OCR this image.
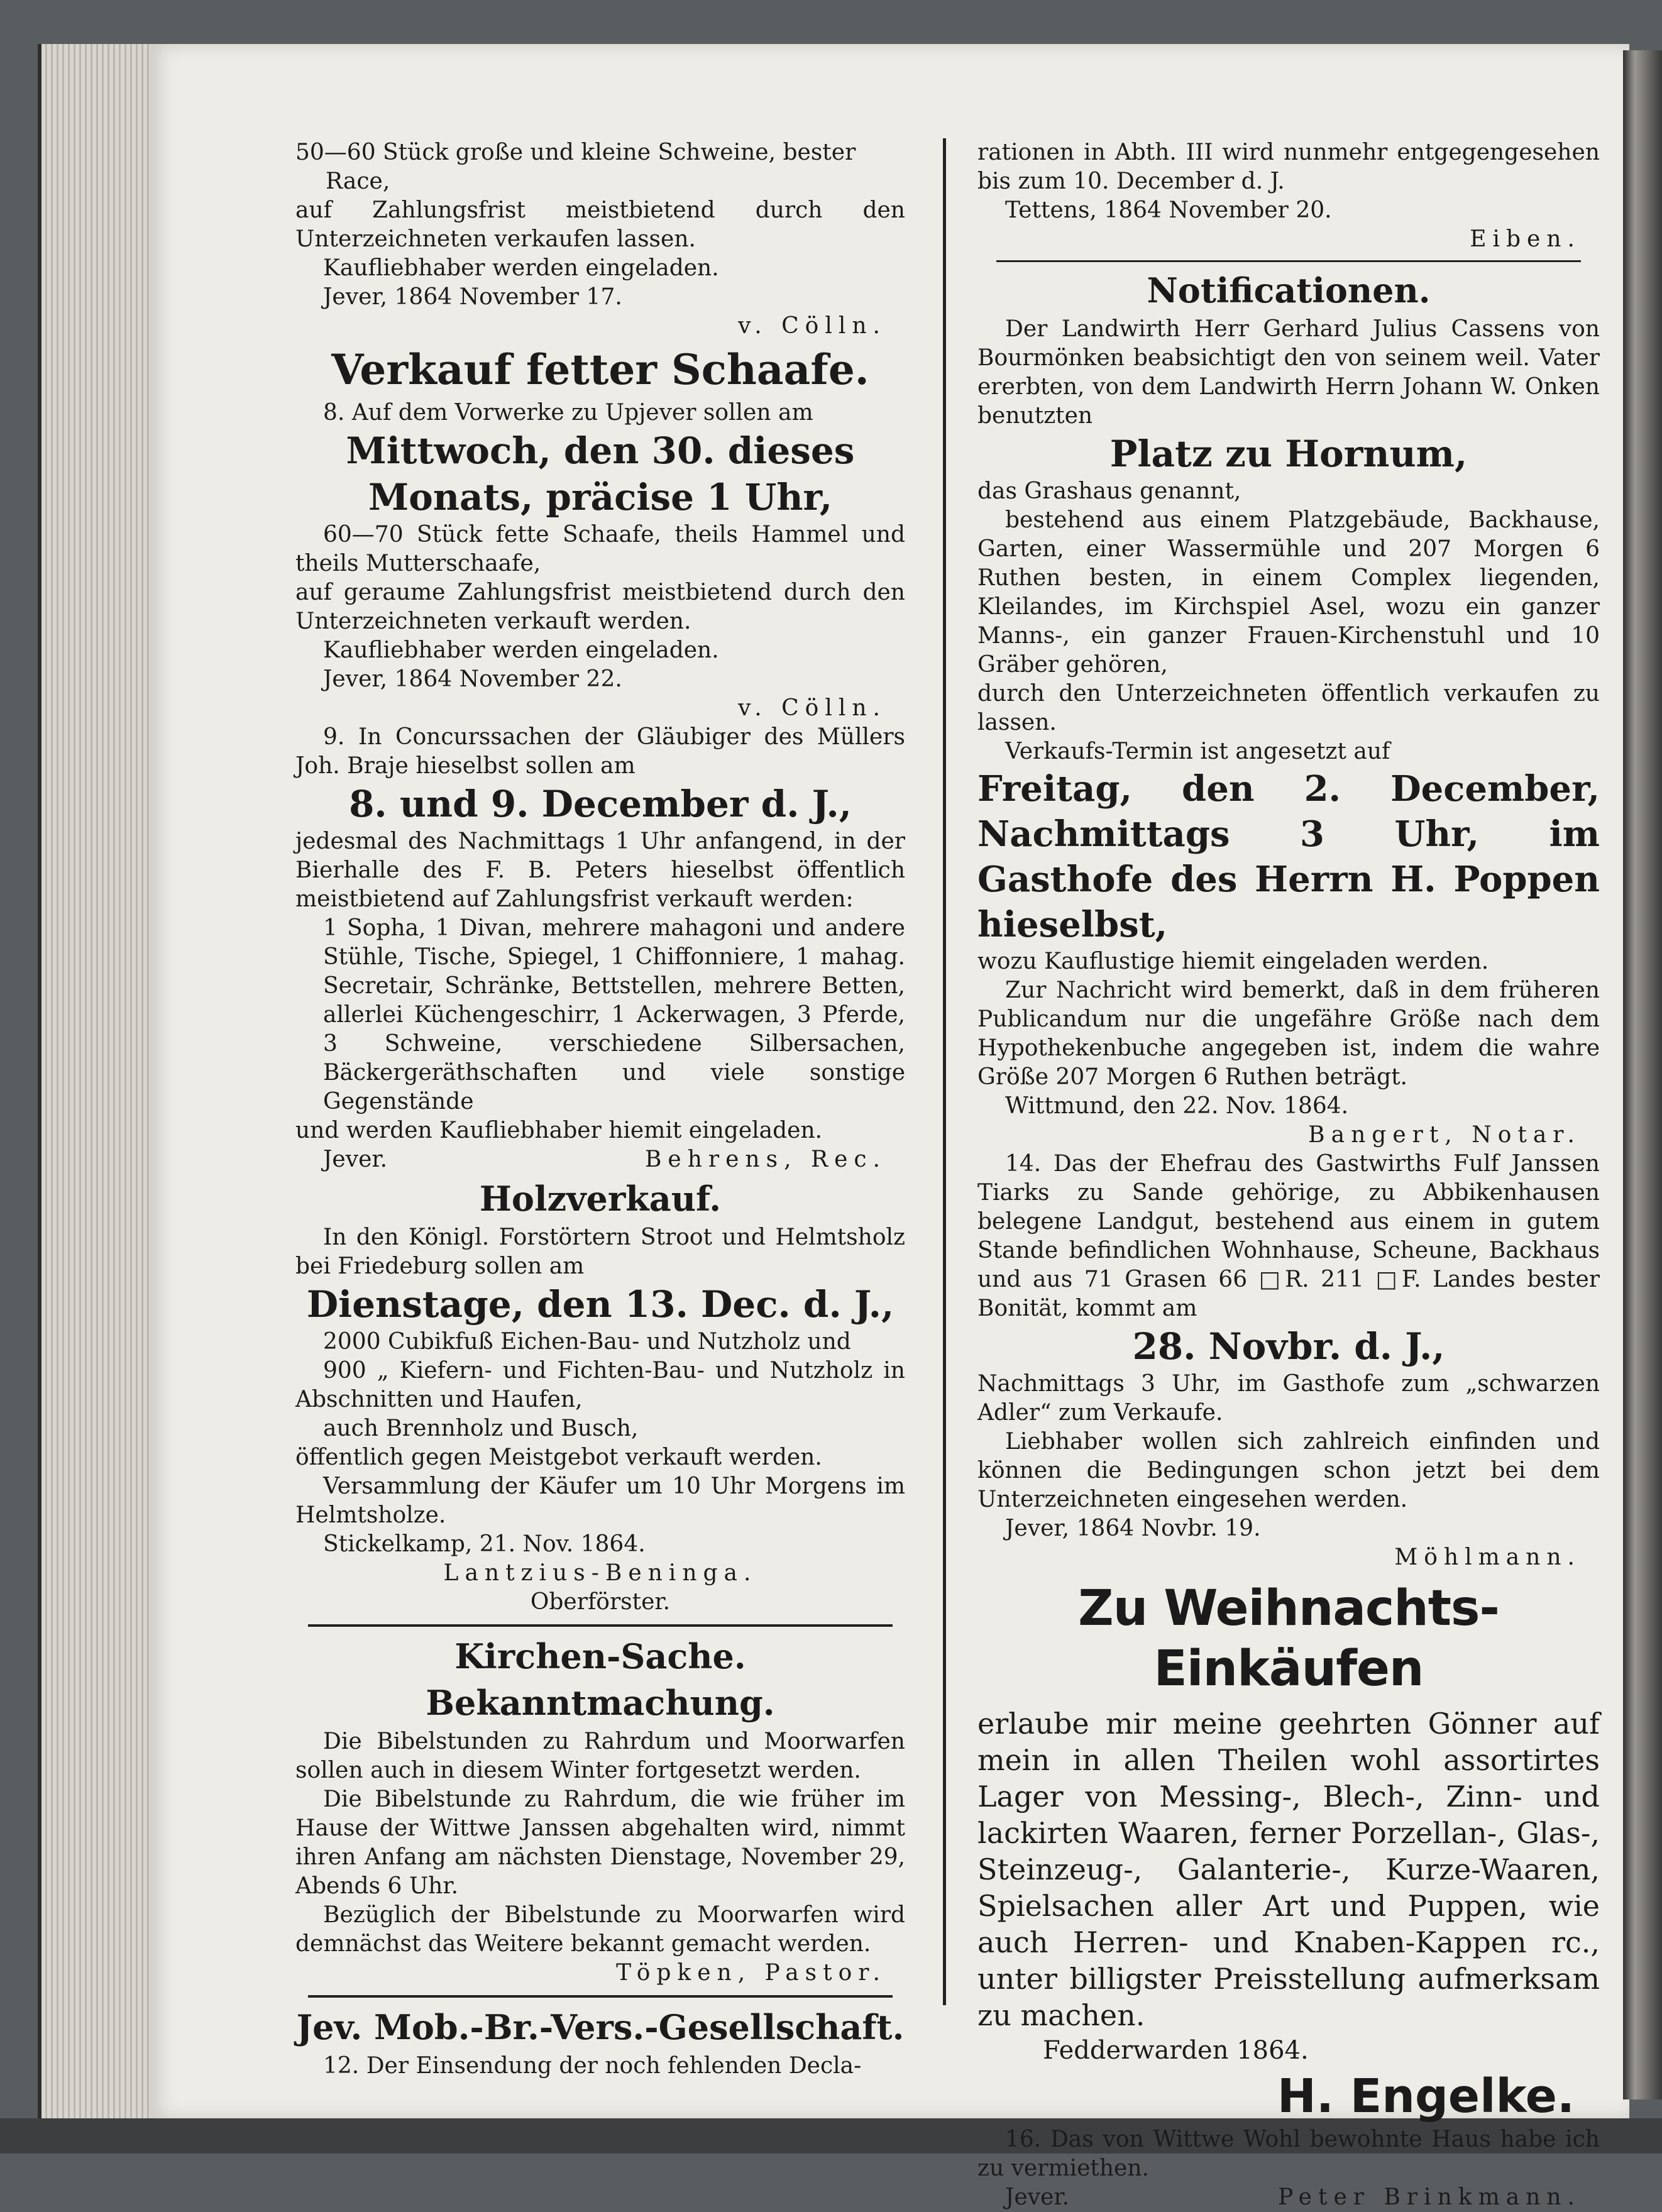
50—60 Stück große und kleine Schweine, bester Race,

auf Zahlungsfrist meistbietend durch den Unterzeichneten verkaufen lassen.

Kaufliebhaber werden eingeladen.

Jever, 1864 November 17.

v. Cölln.

Verkauf fetter Schaafe.

8. Auf dem Vorwerke zu Upjever sollen am

Mittwoch, den 30. dieses Monats, präcise 1 Uhr,

60—70 Stück fette Schaafe, theils Hammel und theils Mutterschaafe,

auf geraume Zahlungsfrist meistbietend durch den Unterzeichneten verkauft werden.

Kaufliebhaber werden eingeladen.

Jever, 1864 November 22.

v. Cölln.

9. In Concurssachen der Gläubiger des Müllers Joh. Braje hieselbst sollen am

8. und 9. December d. J.,

jedesmal des Nachmittags 1 Uhr anfangend, in der Bierhalle des F. B. Peters hieselbst öffentlich meistbietend auf Zahlungsfrist verkauft werden:

1 Sopha, 1 Divan, mehrere mahagoni und andere Stühle, Tische, Spiegel, 1 Chiffonniere, 1 mahag. Secretair, Schränke, Bettstellen, mehrere Betten, allerlei Küchengeschirr, 1 Ackerwagen, 3 Pferde, 3 Schweine, verschiedene Silbersachen, Bäckergeräthschaften und viele sonstige Gegenstände

und werden Kaufliebhaber hiemit eingeladen.

Jever.	Behrens, Rec.

Holzverkauf.

In den Königl. Forstörtern Stroot und Helmtsholz bei Friedeburg sollen am

Dienstage, den 13. Dec. d. J.,

2000 Cubikfuß Eichen-Bau- und Nutzholz und

900 „ Kiefern- und Fichten-Bau- und Nutzholz in Abschnitten und Haufen,

auch Brennholz und Busch,

öffentlich gegen Meistgebot verkauft werden.

Versammlung der Käufer um 10 Uhr Morgens im Helmtsholze.

Stickelkamp, 21. Nov. 1864.

Lantzius-Beninga.

Oberförster.

Kirchen-Sache.

Bekanntmachung.

Die Bibelstunden zu Rahrdum und Moorwarfen sollen auch in diesem Winter fortgesetzt werden.

Die Bibelstunde zu Rahrdum, die wie früher im Hause der Wittwe Janssen abgehalten wird, nimmt ihren Anfang am nächsten Dienstage, November 29, Abends 6 Uhr.

Bezüglich der Bibelstunde zu Moorwarfen wird demnächst das Weitere bekannt gemacht werden.

Töpken, Pastor.

Jev. Mob.-Br.-Vers.-Gesellschaft.

12. Der Einsendung der noch fehlenden Decla-

rationen in Abth. III wird nunmehr entgegengesehen bis zum 10. December d. J.

Tettens, 1864 November 20.

Eiben.

Notificationen.

Der Landwirth Herr Gerhard Julius Cassens von Bourmönken beabsichtigt den von seinem weil. Vater ererbten, von dem Landwirth Herrn Johann W. Onken benutzten

Platz zu Hornum,

das Grashaus genannt,

bestehend aus einem Platzgebäude, Backhause, Garten, einer Wassermühle und 207 Morgen 6 Ruthen besten, in einem Complex liegenden, Kleilandes, im Kirchspiel Asel, wozu ein ganzer Manns-, ein ganzer Frauen-Kirchenstuhl und 10 Gräber gehören,

durch den Unterzeichneten öffentlich verkaufen zu lassen.

Verkaufs-Termin ist angesetzt auf

Freitag, den 2. December, Nachmittags 3 Uhr, im Gasthofe des Herrn H. Poppen hieselbst,

wozu Kauflustige hiemit eingeladen werden.

Zur Nachricht wird bemerkt, daß in dem früheren Publicandum nur die ungefähre Größe nach dem Hypothekenbuche angegeben ist, indem die wahre Größe 207 Morgen 6 Ruthen beträgt.

Wittmund, den 22. Nov. 1864.

Bangert, Notar.

14. Das der Ehefrau des Gastwirths Fulf Janssen Tiarks zu Sande gehörige, zu Abbikenhausen belegene Landgut, bestehend aus einem in gutem Stande befindlichen Wohnhause, Scheune, Backhaus und aus 71 Grasen 66 □R. 211 □F. Landes bester Bonität, kommt am

28. Novbr. d. J.,

Nachmittags 3 Uhr, im Gasthofe zum „schwarzen Adler“ zum Verkaufe.

Liebhaber wollen sich zahlreich einfinden und können die Bedingungen schon jetzt bei dem Unterzeichneten eingesehen werden.

Jever, 1864 Novbr. 19.

Möhlmann.

Zu Weihnachts-Einkäufen

erlaube mir meine geehrten Gönner auf mein in allen Theilen wohl assortirtes Lager von Messing-, Blech-, Zinn- und lackirten Waaren, ferner Porzellan-, Glas-, Steinzeug-, Galanterie-, Kurze-Waaren, Spielsachen aller Art und Puppen, wie auch Herren- und Knaben-Kappen rc., unter billigster Preisstellung aufmerksam zu machen.

Fedderwarden 1864.

H. Engelke.

16. Das von Wittwe Wohl bewohnte Haus habe ich zu vermiethen.

Jever.	Peter Brinkmann.
